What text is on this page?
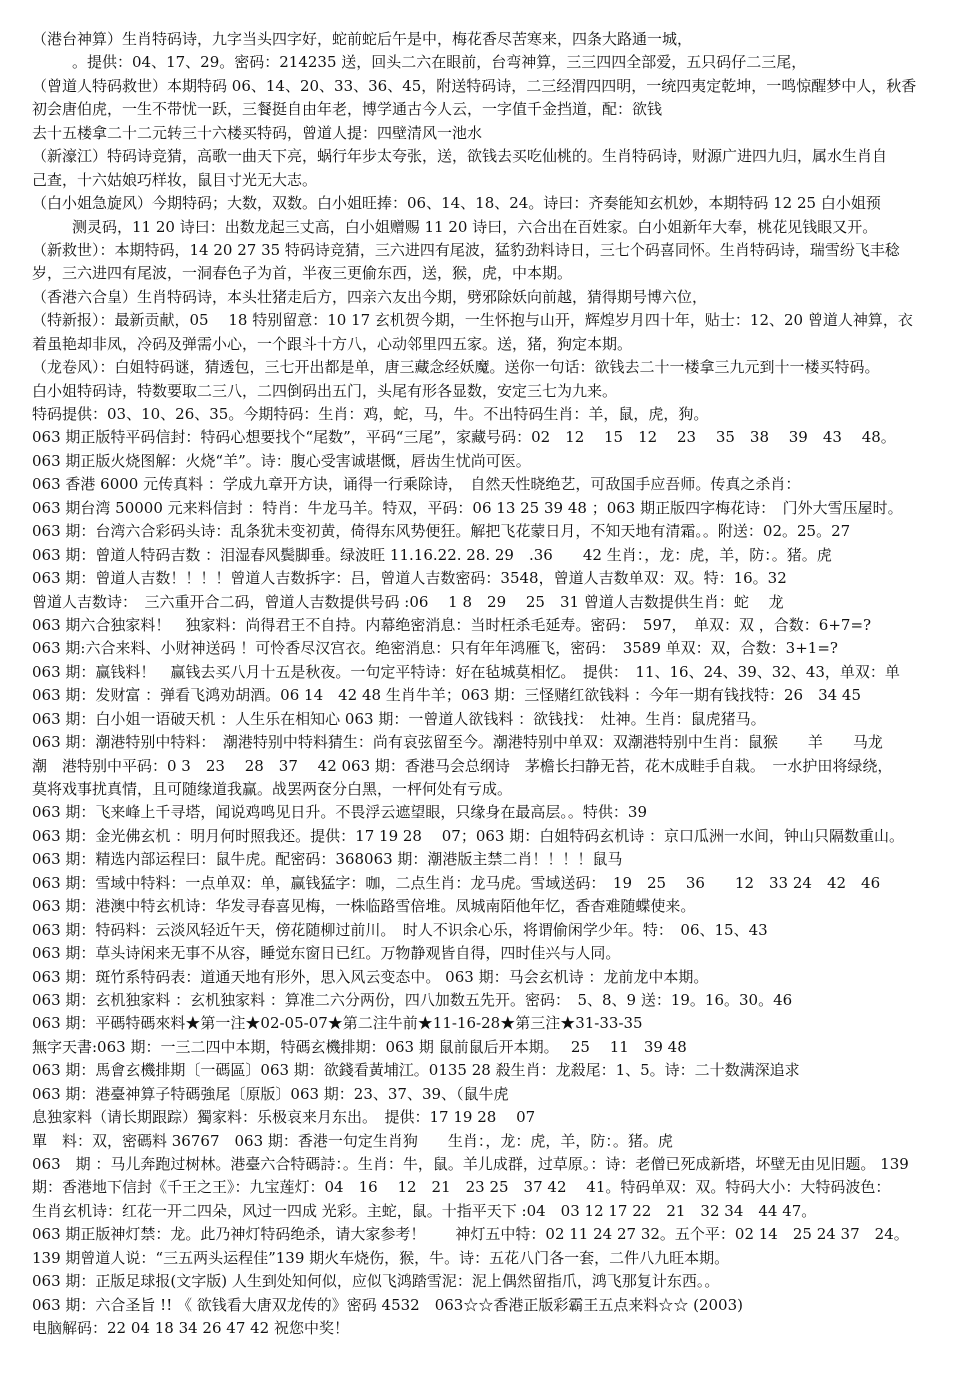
（港台神算）生肖特码诗，九字当头四字好，蛇前蛇后午是中，梅花香尽苦寒来，四条大路通一城，
。提供：04、17、29。密码：214235 送，回头二六在眼前，台弯神算，三三四四全部爱，五只码仔二三尾，
（曾道人特码救世）本期特码 06、14、20、33、36、45，附送特码诗，二三经渭四四明，一统四夷定乾坤，一鸣惊醒梦中人，秋香
初会唐伯虎，一生不带忧一跃，三餐挺自由年老，博学通古今人云，一字值千金挡道，配：欲钱
去十五楼拿二十二元转三十六楼买特码，曾道人提：四壁清风一池水
（新濠江）特码诗竞猜，高歌一曲天下亮，蜗行年步太夸张，送，欲钱去买吃仙桃的。生肖特码诗，财源广进四九归，属水生肖自
己查，十六姑娘巧样妆，鼠目寸光无大志。
（白小姐急旋风）今期特码；大数，双数。白小姐旺捧：06、14、18、24。诗曰：齐奏能知玄机妙，本期特码 12 25 白小姐预
测灵码，11 20 诗曰：出数龙起三丈高，白小姐赠赐 11 20 诗曰，六合出在百姓家。白小姐新年大奉，桃花见钱眼又开。
（新救世）：本期特码，14 20 27 35 特码诗竞猜，三六进四有尾波，猛豹劲料诗日，三七个码喜同怀。生肖特码诗，瑞雪纷飞丰稔
岁，三六进四有尾波，一洞春色子为首，半夜三更偷东西，送，猴，虎，中本期。
（香港六合皇）生肖特码诗，本头壮猪走后方，四亲六友出今期，劈邪除妖向前越，猜得期号博六位，
（特新报）：最新贡献，05　 18 特别留意：10 17 玄机贺今期，一生怀抱与山开，辉煌岁月四十年，贴士：12、20 曾道人神算，衣
着虽艳却非凤，冷码及弹需小心，一个跟斗十方八，心动邻里四五家。送，猪，狗定本期。
（龙卷风）：白姐特码谜，猜透包，三七开出都是单，唐三藏念经妖魔。送你一句话：欲钱去二十一楼拿三九元到十一楼买特码。
白小姐特码诗，特数要取二三八，二四倒码出五门，头尾有形各显数，安定三七为九来。
特码提供：03、10、26、35。今期特码：生肖：鸡，蛇，马，牛。不出特码生肖：羊，鼠，虎，狗。
063 期正版特平码信封：特码心想要找个“尾数”，平码“三尾”，家藏号码：02　12　 15　12　 23　 35　38　 39　43　 48。
063 期正版火烧图解：火烧“羊”。诗：腹心受害诚堪慨，唇齿生忧尚可医。
063 香港 6000 元传真料 ：学成九章开方诀，诵得一行乘除诗，　自然天性晓绝艺，可敌国手应吾师。传真之杀肖：
063 期台湾 50000 元来料信封 ：特肖：牛龙马羊。特双，平码：06 13 25 39 48 ；063 期正版四字梅花诗：　门外大雪压屋时。
063 期：台湾六合彩码头诗：乱条犹未变初黄，倚得东风势便狂。解把飞花蒙日月，不知天地有清霜。。附送：02。25。27
063 期：曾道人特码吉数 ：泪湿春风鬓脚垂。绿波旺 11.16.22. 28. 29　.36　　42 生肖：，龙：虎，羊，防：。猪。虎
063 期：曾道人吉数！！！！曾道人吉数拆字：吕，曾道人吉数密码：3548，曾道人吉数单双：双。特：16。32
曾道人吉数诗：　三六重开合二码，曾道人吉数提供号码 :06　 1 8　29　 25　31 曾道人吉数提供生肖：蛇　 龙
063 期六合独家料！　独家料：尚得君王不自持。内幕绝密消息：当时枉杀毛延寿。密码：　597，　单双：双 ，合数：6+7=?
063 期:六合来料、小财神送码 ！可怜香尽汉宫衣。绝密消息：只有年年鸿雁飞，密码：　3589 单双：双，合数：3+1=?
063 期：赢钱料！　赢钱去买八月十五是秋夜。一句定平特诗：好在毡城莫相忆。　提供：　11、16、24、39、32、43，单双：单
063 期：发财富 ：弹看飞鸿劝胡酒。06 14　42 48 生肖牛羊；063 期：三怪赌红欲钱料 ：今年一期有钱找特：26　34 45
063 期：白小姐一语破天机 ：人生乐在相知心 063 期：一曾道人欲钱料 ：欲钱找：　灶神。生肖：鼠虎猪马。
063 期：潮港特别中特料：　潮港特别中特料猜生：尚有哀弦留至今。潮港特别中单双：双潮港特别中生肖：鼠猴　　羊　　马龙
潮　港特别中平码：0 3　23　 28　37　 42 063 期：香港马会总纲诗　茅檐长扫静无苔，花木成畦手自栽。　一水护田将绿绕，
莫将戏事扰真情，且可随缘道我赢。战罢两奁分白黑，一枰何处有亏成。
063 期：飞来峰上千寻塔，闻说鸡鸣见日升。不畏浮云遮望眼，只缘身在最高层。。特供：39
063 期：金光佛玄机 ：明月何时照我还。提供：17 19 28　 07；063 期：白姐特码玄机诗 ：京口瓜洲一水间，钟山只隔数重山。
063 期：精选内部运程曰：鼠牛虎。配密码：368063 期：潮港版主禁二肖！！！！鼠马
063 期：雪域中特料：一点单双：单，赢钱猛字：咖，二点生肖：龙马虎。雪域送码：　19　25　 36　　12　33 24　42　46
063 期：港澳中特玄机诗：华发寻春喜见梅，一株临路雪倍堆。凤城南陌他年忆，香杳难随蝶使来。
063 期：特码料：云淡风轻近午天，傍花随柳过前川。　时人不识余心乐，将谓偷闲学少年。特：　06、15、43
063 期：草头诗闲来无事不从容，睡觉东窗日已红。万物静观皆自得，四时佳兴与人同。
063 期：斑竹系特码表：道通天地有形外，思入风云变态中。 063 期：马会玄机诗 ：龙前龙中本期。
063 期：玄机独家料 ：玄机独家料 ：算准二六分两份，四八加数五先开。密码：　5、8、9 送：19。16。30。46
063 期：平碼特碼來料★第一注★02-05-07★第二注牛前★11-16-28★第三注★31-33-35
無字天書:063 期：一三二四中本期，特碼玄機排期：063 期 鼠前鼠后开本期。　 25　 11　39 48
063 期：馬會玄機排期〔一碼區〕063 期：欲錢看黃埔江。0135 28 殺生肖：龙殺尾：1、5。诗：二十数满深追求
063 期：港臺神算子特碼強尾〔原版〕063 期：23、37、39、（鼠牛虎
息独家料（请长期跟踪）獨家料：乐极哀来月东出。　提供：17 19 28　 07
單　料：双，密碼料 36767　063 期：香港一句定生肖狗　　生肖：，龙：虎，羊，防：。猪。虎
063　期 ：马儿奔跑过树林。港臺六合特碼詩：。生肖：牛，鼠。羊儿成群，过草原。：诗：老僧已死成新塔，坏壁无由见旧题。 139
期：香港地下信封《千王之王》：九宝莲灯：04　16　 12　21　23 25　37 42　 41。特码单双：双。特码大小：大特码波色：
生肖玄机诗：红花一开二四朵，风过一四成 光彩。主蛇，鼠。十指平天下 :04　03 12 17 22　21　32 34　44 47。
063 期正版神灯禁：龙。此乃神灯特码绝杀，请大家参考！　　神灯五中特：02 11 24 27 32。五个平：02 14　25 24 37　24。
139 期曾道人说：“三五两头运程佳”139 期火车烧伤，猴，牛。诗：五花八门各一套，二件八九旺本期。
063 期：正版足球报(文字版) 人生到处知何似，应似飞鸿踏雪泥：泥上偶然留指爪，鸿飞那复计东西。。
063 期：六合圣旨 !! 《 欲钱看大唐双龙传的》密码 4532　063☆☆香港正版彩霸王五点来料☆☆ (2003)
电脑解码：22 04 18 34 26 47 42 祝您中奖！
